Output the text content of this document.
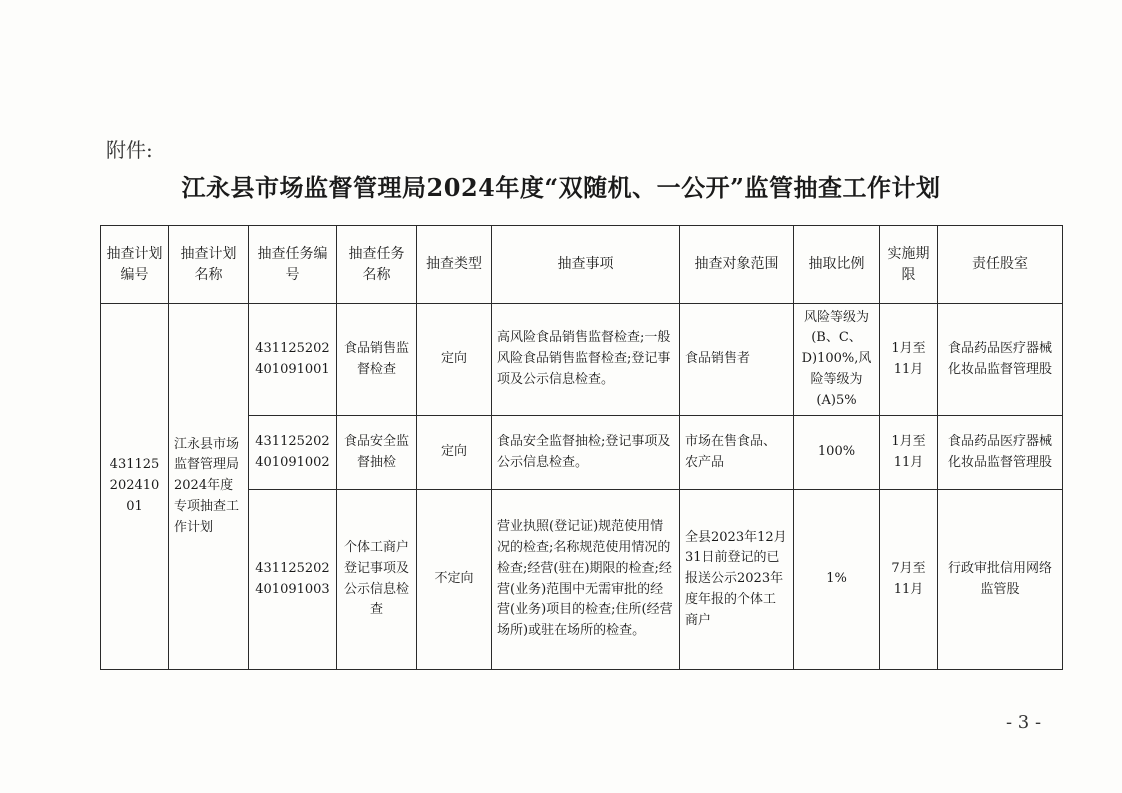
附件:
江永县市场监督管理局2024年度“双随机、一公开”监管抽查工作计划
抽查计划编号	抽查计划名称	抽查任务编号	抽查任务名称	抽查类型	抽查事项	抽查对象范围	抽取比例	实施期限	责任股室
43112520241001	江永县市场监督管理局2024年度专项抽查工作计划	431125202401091001	食品销售监督检查	定向	高风险食品销售监督检查;一般风险食品销售监督检查;登记事项及公示信息检查。	食品销售者	风险等级为(B、C、D)100%,风险等级为(A)5%	1月至11月	食品药品医疗器械化妆品监督管理股
		431125202401091002	食品安全监督抽检	定向	食品安全监督抽检;登记事项及公示信息检查。	市场在售食品、农产品	100%	1月至11月	食品药品医疗器械化妆品监督管理股
		431125202401091003	个体工商户登记事项及公示信息检查	不定向	营业执照(登记证)规范使用情况的检查;名称规范使用情况的检查;经营(驻在)期限的检查;经营(业务)范围中无需审批的经营(业务)项目的检查;住所(经营场所)或驻在场所的检查。	全县2023年12月31日前登记的已报送公示2023年度年报的个体工商户	1%	7月至11月	行政审批信用网络监管股
- 3 -
